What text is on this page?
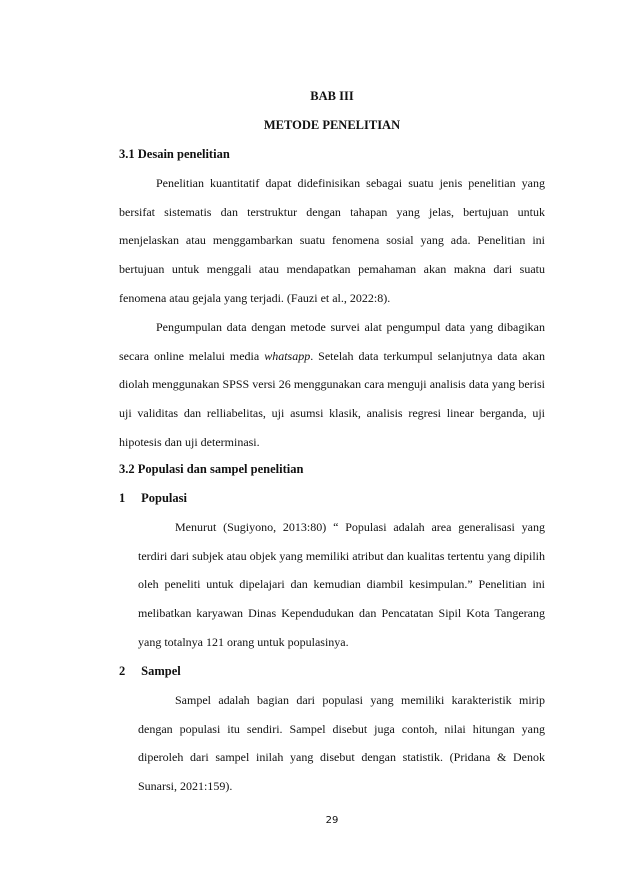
BAB III
METODE PENELITIAN
3.1 Desain penelitian

Penelitian kuantitatif dapat didefinisikan sebagai suatu jenis penelitian yang bersifat sistematis dan terstruktur dengan tahapan yang jelas, bertujuan untuk menjelaskan atau menggambarkan suatu fenomena sosial yang ada. Penelitian ini bertujuan untuk menggali atau mendapatkan pemahaman akan makna dari suatu fenomena atau gejala yang terjadi. (Fauzi et al., 2022:8).

Pengumpulan data dengan metode survei alat pengumpul data yang dibagikan secara online melalui media whatsapp. Setelah data terkumpul selanjutnya data akan diolah menggunakan SPSS versi 26 menggunakan cara menguji analisis data yang berisi uji validitas dan relliabelitas, uji asumsi klasik, analisis regresi linear berganda, uji hipotesis dan uji determinasi.

3.2 Populasi dan sampel penelitian
1 Populasi

Menurut (Sugiyono, 2013:80) “ Populasi adalah area generalisasi yang terdiri dari subjek atau objek yang memiliki atribut dan kualitas tertentu yang dipilih oleh peneliti untuk dipelajari dan kemudian diambil kesimpulan.” Penelitian ini melibatkan karyawan Dinas Kependudukan dan Pencatatan Sipil Kota Tangerang yang totalnya 121 orang untuk populasinya.

2 Sampel

Sampel adalah bagian dari populasi yang memiliki karakteristik mirip dengan populasi itu sendiri. Sampel disebut juga contoh, nilai hitungan yang diperoleh dari sampel inilah yang disebut dengan statistik. (Pridana & Denok Sunarsi, 2021:159).

29
